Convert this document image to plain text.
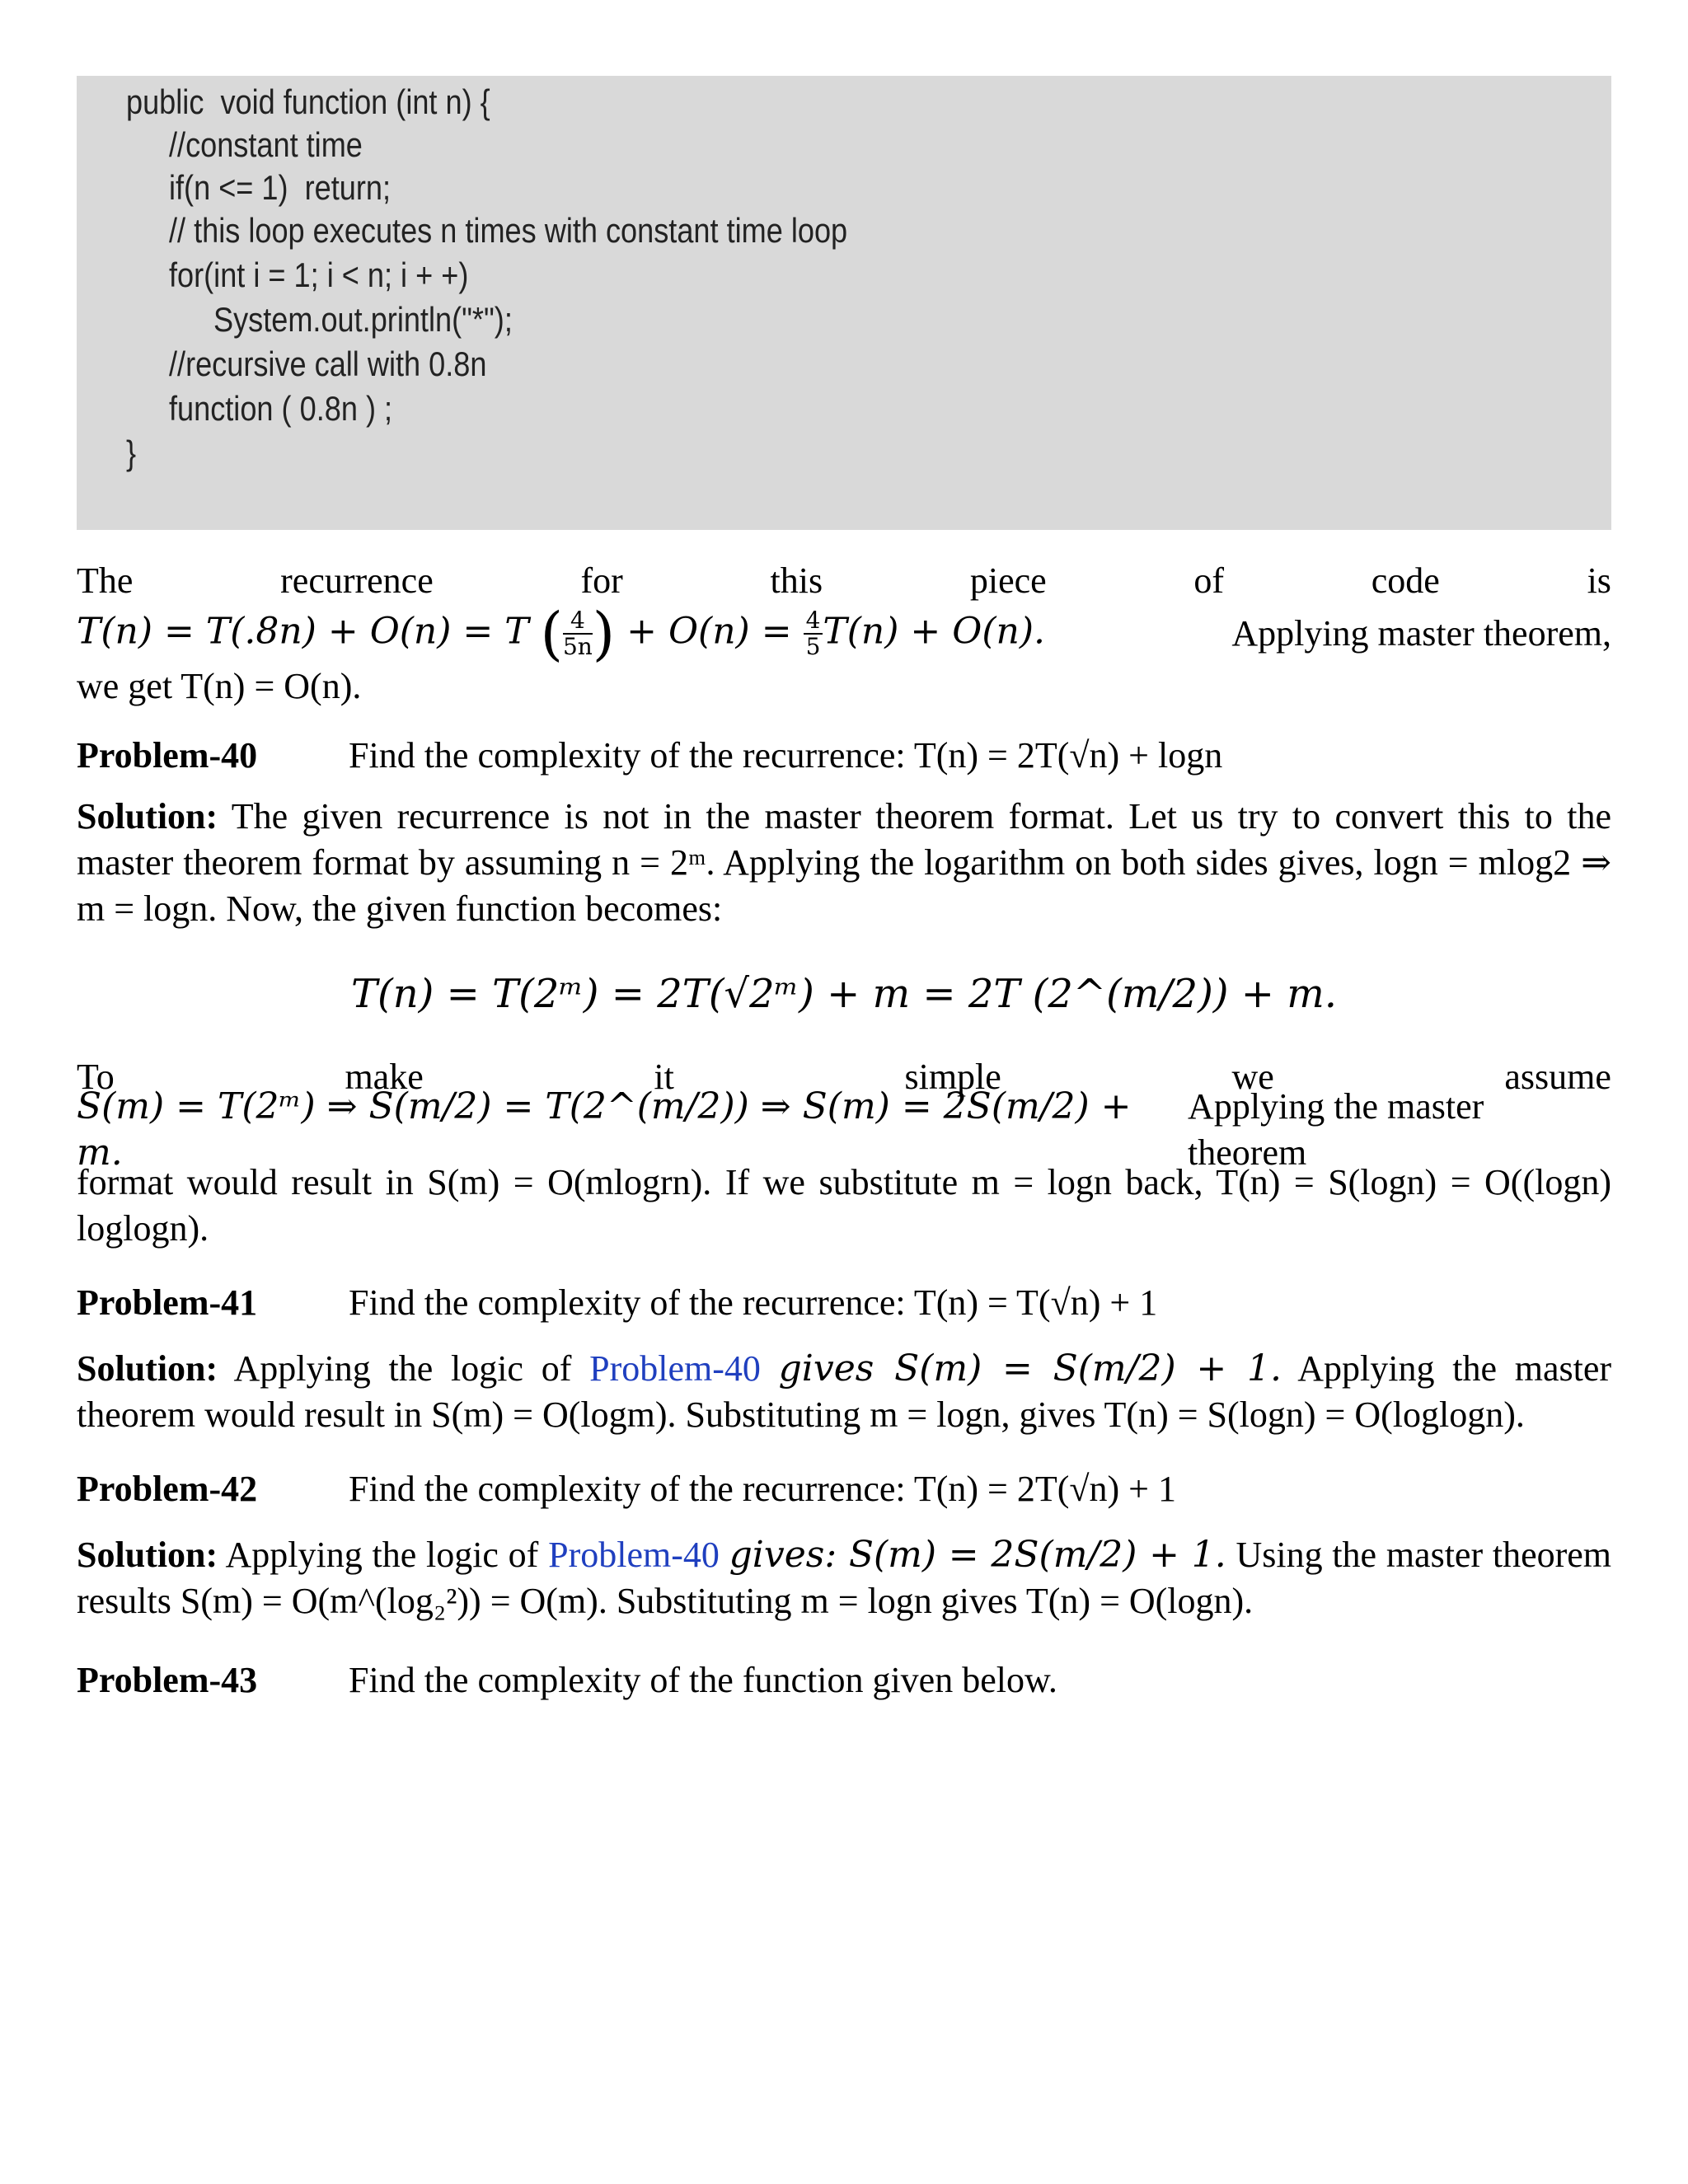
public  void function (int n) {
//constant time
if(n <= 1)  return;
// this loop executes n times with constant time loop
for(int i = 1; i < n; i + +)
System.out.println("*");
//recursive call with 0.8n
function ( 0.8n ) ;
}
The	recurrence	for	this	piece	of	code	is
T(n) = T(.8n) + O(n) = T ( $\frac{4}{5n}$ ) + $O(n) = \frac{4}{5} T(n) + O(n)$.	Applying master theorem,
we get T(n) = O(n).
Problem-40	Find the complexity of the recurrence: T(n) = 2T(√n) + logn
Solution: The given recurrence is not in the master theorem format. Let us try to convert this to the master theorem format by assuming n = 2ᵐ. Applying the logarithm on both sides gives, logn = mlog2 ⇒ m = logn. Now, the given function becomes:
T(n) = T(2ᵐ) = 2T(√2ᵐ) + m = 2T (2^(m/2)) + m.
To	make	it	simple	we	assume
S(m) = T(2ᵐ) ⇒ S(m/2) = T(2^(m/2)) ⇒ S(m) = 2S(m/2) + m.
Applying the master theorem
format would result in S(m) = O(mlogrn). If we substitute m = logn back, T(n) = S(logn) = O((logn) loglogn).
Problem-41	Find the complexity of the recurrence: T(n) = T(√n) + 1
Solution: Applying the logic of Problem-40 gives S(m) = S(m/2) + 1. Applying the master theorem would result in S(m) = O(logm). Substituting m = logn, gives T(n) = S(logn) = O(loglogn).
Problem-42	Find the complexity of the recurrence: T(n) = 2T(√n) + 1
Solution: Applying the logic of Problem-40 gives: S(m) = 2S(m/2) + 1. Using the master theorem results S(m) = O(m^(log₂²)) = O(m). Substituting m = logn gives T(n) = O(logn).
Problem-43	Find the complexity of the function given below.
